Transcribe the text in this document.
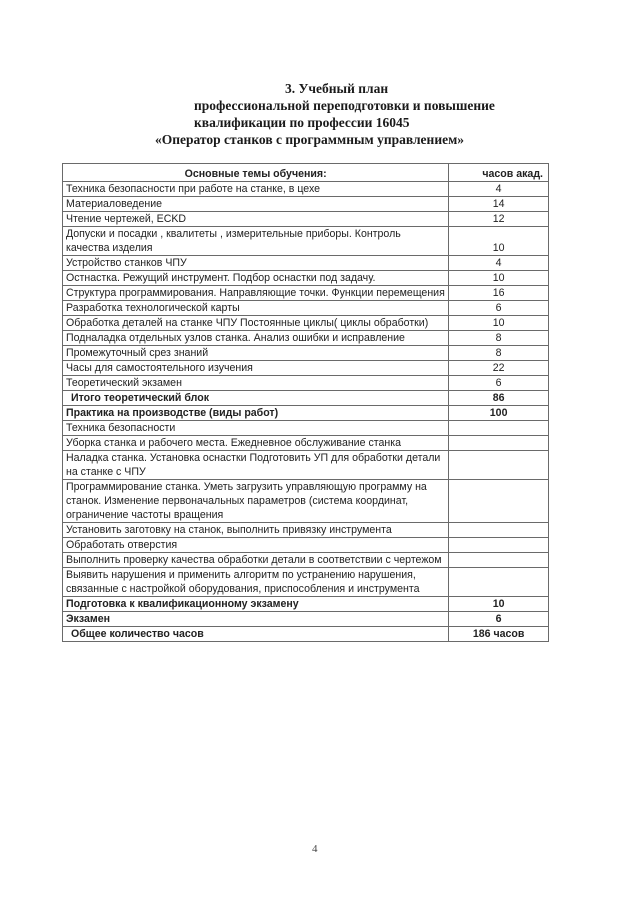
3. Учебный план
профессиональной переподготовки и повышение
квалификации по профессии 16045
«Оператор станков с программным управлением»
Основные темы обучения:	часов акад.
Техника безопасности при работе на станке, в цехе	4
Материаловедение	14
Чтение чертежей, ECKD	12
Допуски и посадки , квалитеты , измерительные приборы. Контроль качества изделия	10
Устройство станков ЧПУ	4
Остнастка. Режущий инструмент. Подбор оснастки под задачу.	10
Структура программирования. Направляющие точки. Функции перемещения	16
Разработка технологической карты	6
Обработка деталей на станке ЧПУ Постоянные циклы( циклы обработки)	10
Подналадка отдельных узлов станка. Анализ ошибки и исправление	8
Промежуточный срез знаний	8
Часы для самостоятельного изучения	22
Теоретический экзамен	6
Итого теоретический блок	86
Практика на производстве (виды работ)	100
Техника безопасности	
Уборка станка и рабочего места. Ежедневное обслуживание станка	
Наладка станка. Установка оснастки Подготовить УП для обработки детали на станке с ЧПУ	
Программирование станка. Уметь загрузить управляющую программу на станок. Изменение первоначальных параметров (система координат, ограничение частоты вращения	
Установить заготовку на станок, выполнить привязку инструмента	
Обработать отверстия	
Выполнить проверку качества обработки детали в соответствии с чертежом	
Выявить нарушения и применить алгоритм по устранению нарушения, связанные с настройкой оборудования, приспособления и инструмента	
Подготовка к квалификационному экзамену	10
Экзамен	6
Общее количество часов	186 часов
4
